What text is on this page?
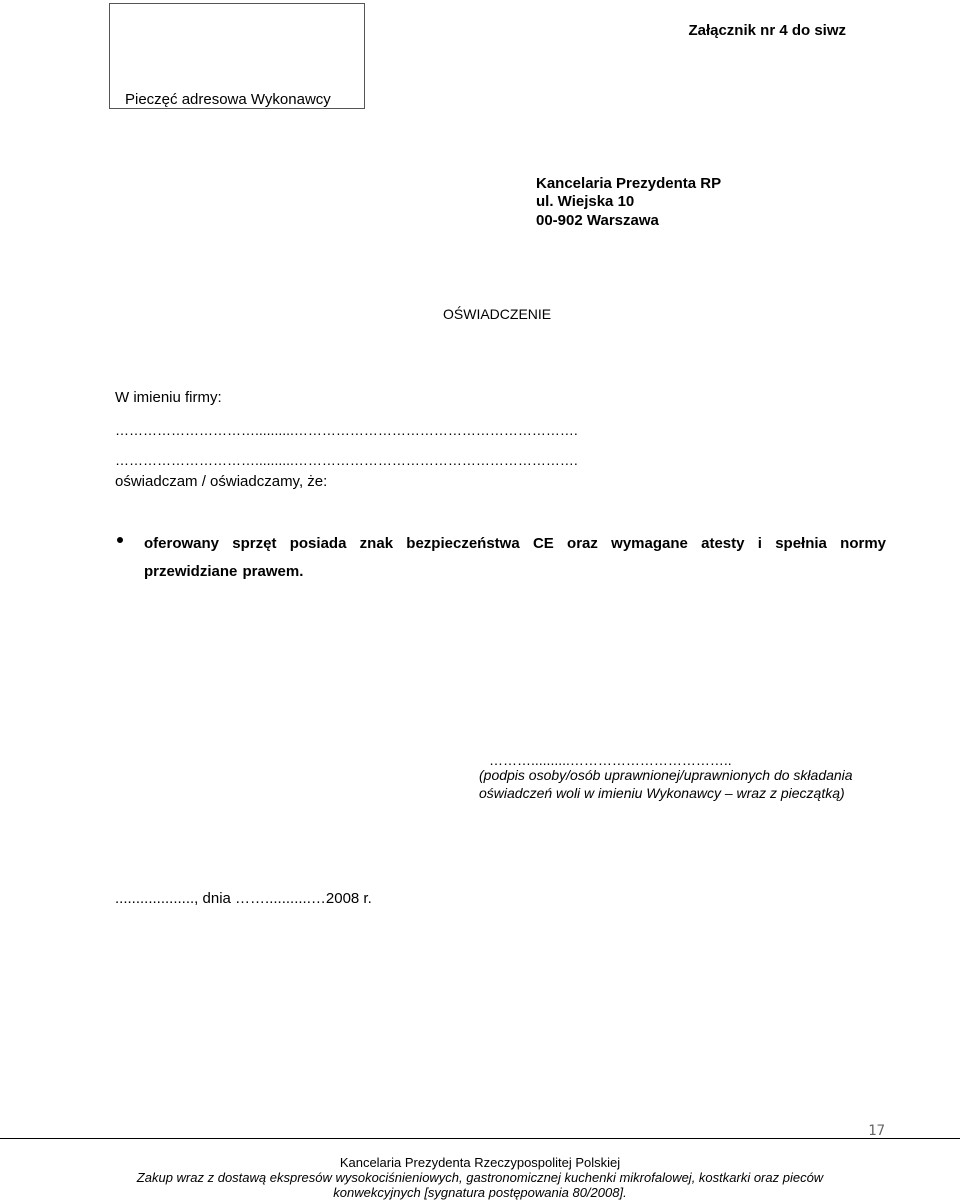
Pieczęć adresowa Wykonawcy
Załącznik nr 4 do siwz
Kancelaria Prezydenta RP
ul. Wiejska 10
00-902 Warszawa
OŚWIADCZENIE
W imieniu firmy:
…………………………..........…………………………………………………….
…………………………..........…………………………………………………….
oświadczam / oświadczamy, że:
oferowany sprzęt posiada znak bezpieczeństwa CE oraz wymagane atesty i spełnia normy przewidziane prawem.
………..........……………………………..
(podpis osoby/osób uprawnionej/uprawnionych do składania
oświadczeń woli w imieniu Wykonawcy – wraz z pieczątką)
..................., dnia ……...........…2008 r.
17
Kancelaria Prezydenta Rzeczypospolitej Polskiej
Zakup wraz z dostawą ekspresów wysokociśnieniowych, gastronomicznej kuchenki mikrofalowej, kostkarki oraz pieców
konwekcyjnych [sygnatura postępowania 80/2008].
